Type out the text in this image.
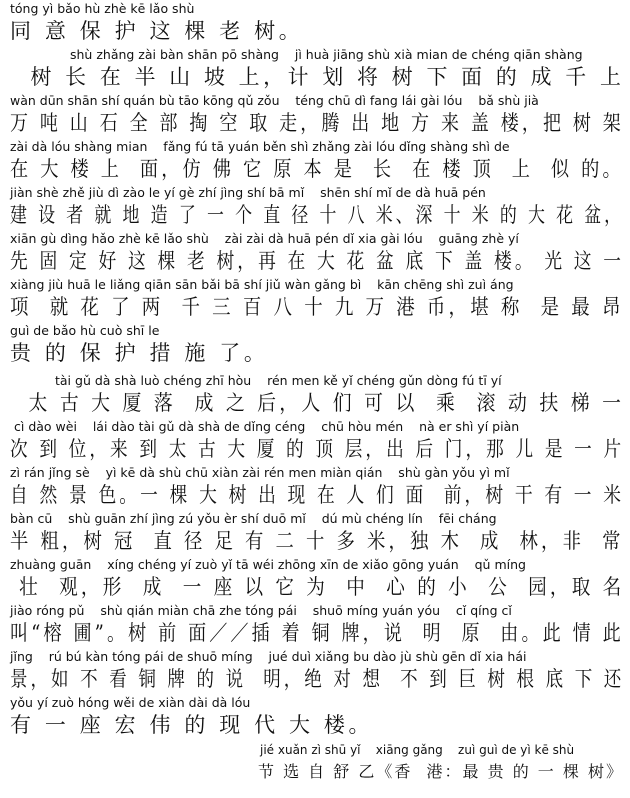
tóng yì bǎo hù zhè kē lǎo shù
同 意 保 护 这 棵 老 树。
shù zhǎng zài bàn shān pō shàng    jì huà jiāng shù xià mian de chéng qiān shàng
树 长 在 半 山 坡 上，计 划 将 树 下 面 的 成 千 上
wàn dūn shān shí quán bù tāo kōng qǔ zǒu    téng chū dì fang lái gài lóu    bǎ shù jià
万 吨 山 石 全 部 掏 空 取 走，腾 出 地 方 来 盖 楼，把 树 架
zài dà lóu shàng mian    fǎng fú tā yuán běn shì zhǎng zài lóu dǐng shàng shì de
在 大 楼 上  面，仿 佛 它 原 本 是  长  在 楼 顶  上  似 的。
jiàn shè zhě jiù dì zào le yí gè zhí jìng shí bā mǐ    shēn shí mǐ de dà huā pén
建 设 者 就 地 造 了 一 个 直 径 十 八 米、深 十 米 的 大 花 盆，
xiān gù dìng hǎo zhè kē lǎo shù    zài zài dà huā pén dǐ xia gài lóu    guāng zhè yí
先 固 定 好 这 棵 老 树，再 在 大 花 盆 底 下 盖 楼。 光 这 一
xiàng jiù huā le liǎng qiān sān bǎi bā shí jiǔ wàn gǎng bì    kān chēng shì zuì áng
项  就 花 了 两  千 三 百 八 十 九 万 港 币，堪 称  是 最 昂
guì de bǎo hù cuò shī le
贵 的 保 护 措 施 了。
tài gǔ dà shà luò chéng zhī hòu    rén men kě yǐ chéng gǔn dòng fú tī yí
太 古 大 厦 落  成 之 后，人 们 可 以  乘  滚 动 扶 梯 一
cì dào wèi    lái dào tài gǔ dà shà de dǐng céng    chū hòu mén    nà er shì yí piàn
次 到 位，来 到 太 古 大 厦 的 顶 层，出 后 门，那 儿 是 一 片
zì rán jǐng sè    yì kē dà shù chū xiàn zài rén men miàn qián    shù gàn yǒu yì mǐ
自 然 景 色。一 棵 大 树 出 现 在 人 们 面  前，树 干 有 一 米
bàn cū    shù guān zhí jìng zú yǒu èr shí duō mǐ    dú mù chéng lín    fēi cháng
半 粗，树 冠  直 径 足 有 二 十 多 米，独 木  成  林，非  常
zhuàng guān    xíng chéng yí zuò yǐ tā wéi zhōng xīn de xiǎo gōng yuán    qǔ míng
壮  观，形  成  一 座 以 它 为  中  心 的 小  公  园，取 名
jiào róng pǔ    shù qián miàn chā zhe tóng pái    shuō míng yuán yóu    cǐ qíng cǐ
叫“榕 圃”。树 前 面／／插 着 铜 牌，说  明  原  由。此 情 此
jǐng    rú bú kàn tóng pái de shuō míng    jué duì xiǎng bu dào jù shù gēn dǐ xia hái
景，如 不 看 铜 牌 的 说  明，绝 对 想  不 到 巨 树 根 底 下 还
yǒu yí zuò hóng wěi de xiàn dài dà lóu
有 一 座 宏 伟 的 现 代 大 楼。
jié xuǎn zì shū yǐ    xiāng gǎng    zuì guì de yì kē shù
节 选 自 舒 乙《香  港：最 贵 的 一 棵 树》
